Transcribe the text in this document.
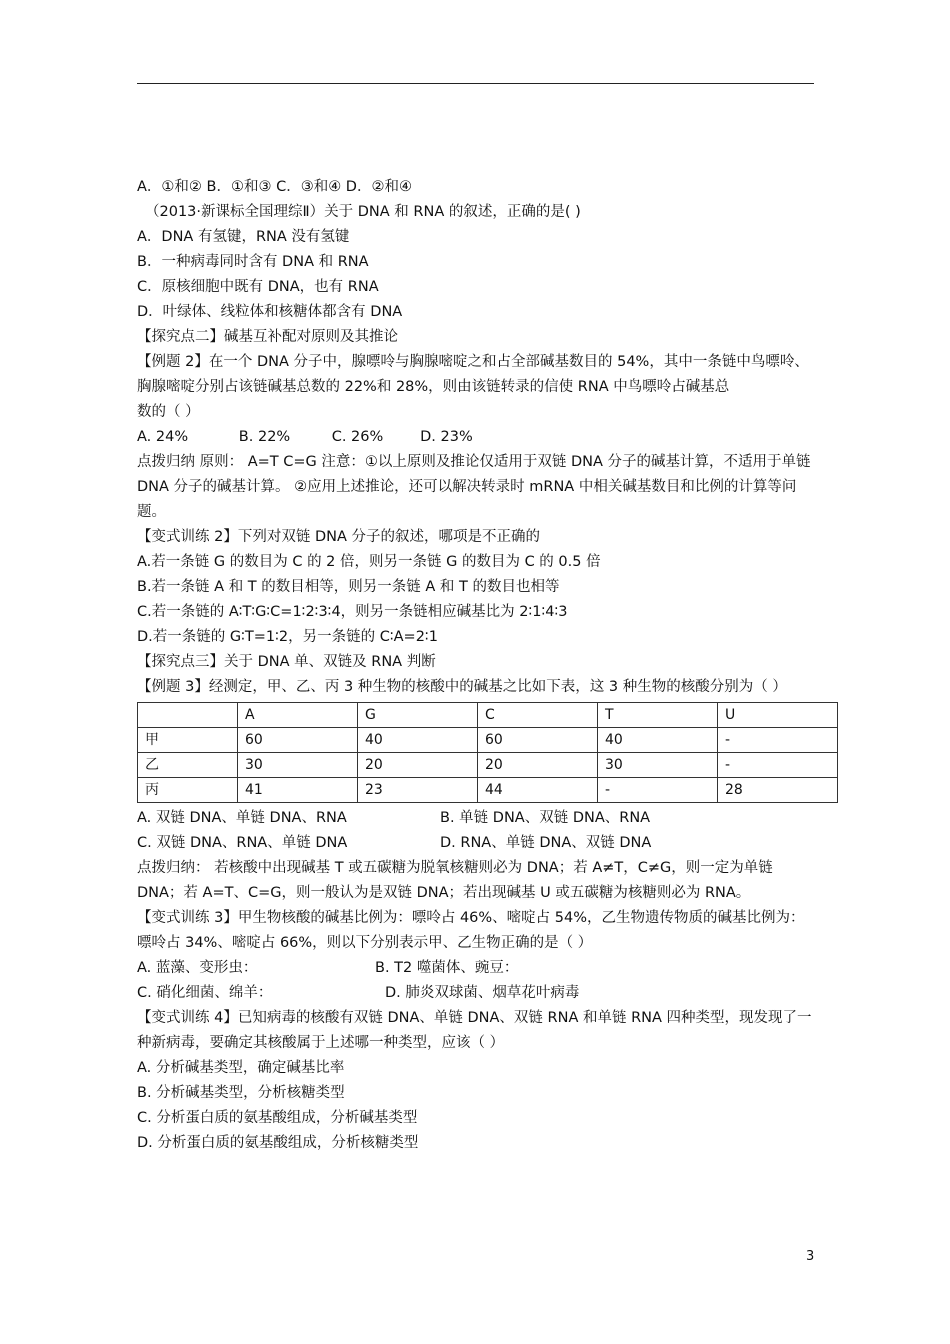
A．①和② B．①和③ C．③和④ D．②和④
（2013·新课标全国理综Ⅱ）关于 DNA 和 RNA 的叙述，正确的是( )
A．DNA 有氢键，RNA 没有氢键
B．一种病毒同时含有 DNA 和 RNA
C．原核细胞中既有 DNA，也有 RNA
D．叶绿体、线粒体和核糖体都含有 DNA
【探究点二】碱基互补配对原则及其推论
【例题 2】在一个 DNA 分子中，腺嘌呤与胸腺嘧啶之和占全部碱基数目的 54%，其中一条链中鸟嘌呤、胸腺嘧啶分别占该链碱基总数的 22%和 28%，则由该链转录的信使 RNA 中鸟嘌呤占碱基总
数的（ ）
A. 24%           B. 22%         C. 26%        D. 23%
点拨归纳 原则： A=T C=G 注意：①以上原则及推论仅适用于双链 DNA 分子的碱基计算，不适用于单链 DNA 分子的碱基计算。 ②应用上述推论，还可以解决转录时 mRNA 中相关碱基数目和比例的计算等问题。
【变式训练 2】下列对双链 DNA 分子的叙述，哪项是不正确的
A.若一条链 G 的数目为 C 的 2 倍，则另一条链 G 的数目为 C 的 0.5 倍
B.若一条链 A 和 T 的数目相等，则另一条链 A 和 T 的数目也相等
C.若一条链的 A∶T∶G∶C=1∶2∶3∶4，则另一条链相应碱基比为 2∶1∶4∶3
D.若一条链的 G∶T=1∶2，另一条链的 C∶A=2∶1
【探究点三】关于 DNA 单、双链及 RNA 判断
【例题 3】经测定，甲、乙、丙 3 种生物的核酸中的碱基之比如下表，这 3 种生物的核酸分别为（ ）
	A	G	C	T	U
甲	60	40	60	40	-
乙	30	20	20	30	-
丙	41	23	44	-	28
A. 双链 DNA、单链 DNA、RNA	B. 单链 DNA、双链 DNA、RNA
C. 双链 DNA、RNA、单链 DNA	D. RNA、单链 DNA、双链 DNA
点拨归纳： 若核酸中出现碱基 T 或五碳糖为脱氧核糖则必为 DNA；若 A≠T，C≠G，则一定为单链 DNA；若 A=T、C=G，则一般认为是双链 DNA；若出现碱基 U 或五碳糖为核糖则必为 RNA。
【变式训练 3】甲生物核酸的碱基比例为：嘌呤占 46%、嘧啶占 54%，乙生物遗传物质的碱基比例为：嘌呤占 34%、嘧啶占 66%，则以下分别表示甲、乙生物正确的是（ ）
A. 蓝藻、变形虫：	B. T2 噬菌体、豌豆：
C. 硝化细菌、绵羊：	D. 肺炎双球菌、烟草花叶病毒
【变式训练 4】已知病毒的核酸有双链 DNA、单链 DNA、双链 RNA 和单链 RNA 四种类型，现发现了一种新病毒，要确定其核酸属于上述哪一种类型，应该（ ）
A. 分析碱基类型，确定碱基比率
B. 分析碱基类型，分析核糖类型
C. 分析蛋白质的氨基酸组成，分析碱基类型
D. 分析蛋白质的氨基酸组成，分析核糖类型
3
